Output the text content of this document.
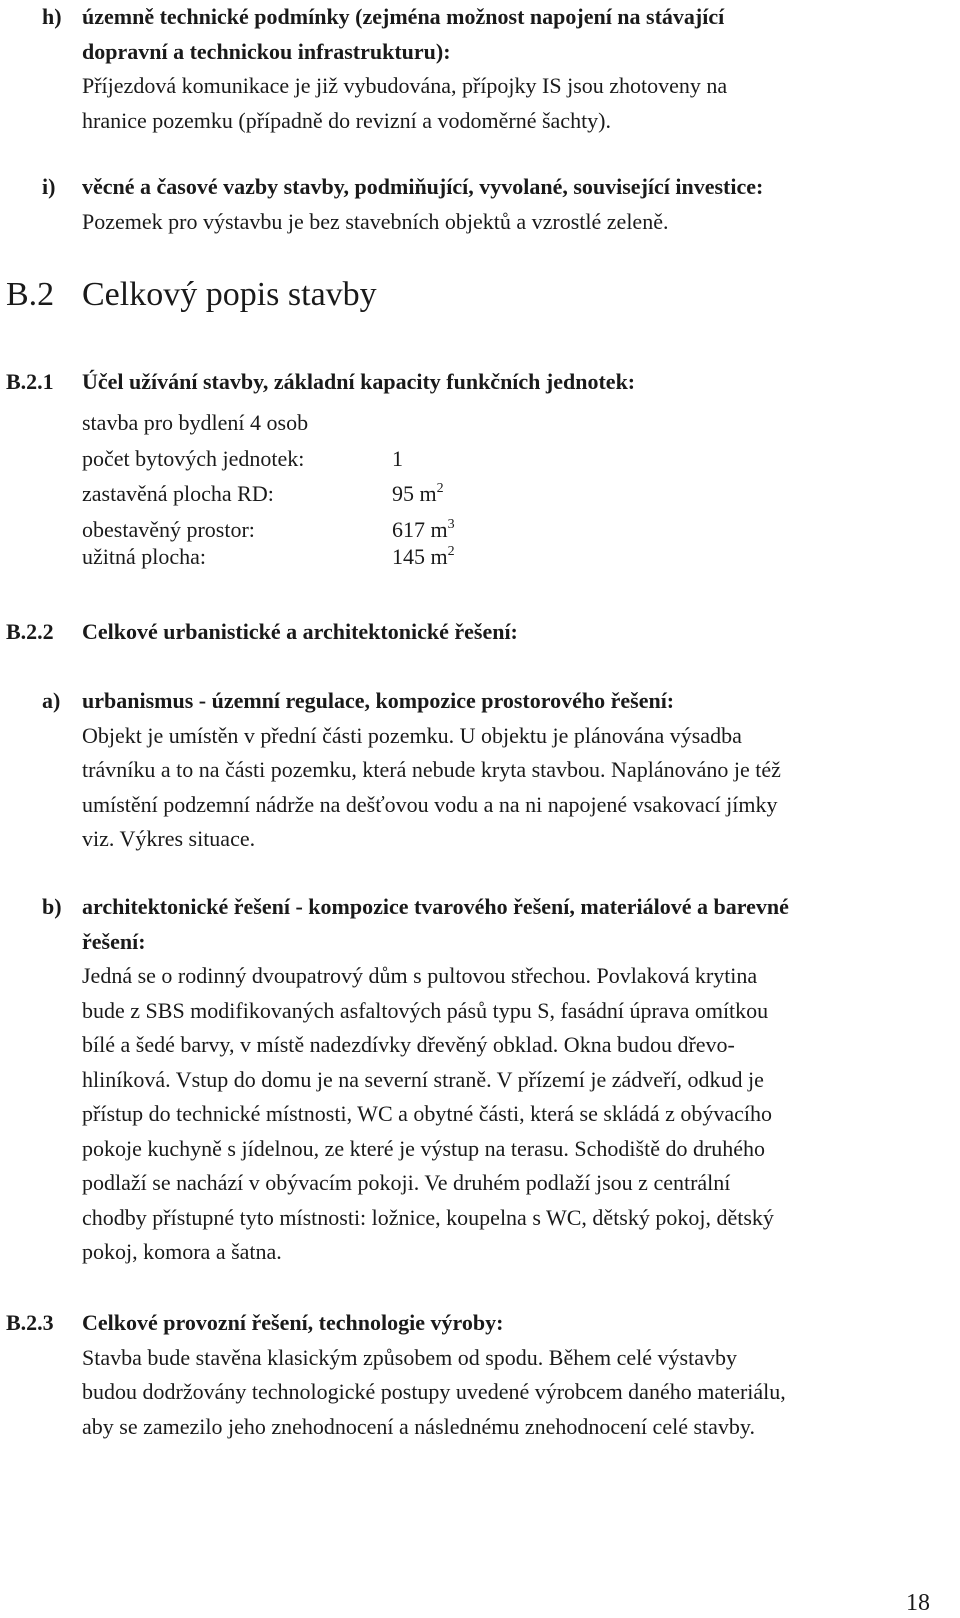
h) územně technické podmínky (zejména možnost napojení na stávající

dopravní a technickou infrastrukturu):

Příjezdová komunikace je již vybudována, přípojky IS jsou zhotoveny na

hranice pozemku (případně do revizní a vodoměrné šachty).

i) věcné a časové vazby stavby, podmiňující, vyvolané, související investice:

Pozemek pro výstavbu je bez stavebních objektů a vzrostlé zeleně.

B.2 Celkový popis stavby
B.2.1 Účel užívání stavby, základní kapacity funkčních jednotek:

stavba pro bydlení 4 osob

počet bytových jednotek:	1

zastavěná plocha RD:	95 $m^2$

obestavěný prostor:	617 $m^3$

užitná plocha:	145 $m^2$

B.2.2 Celkové urbanistické a architektonické řešení:

a) urbanismus - územní regulace, kompozice prostorového řešení:

Objekt je umístěn v přední části pozemku. U objektu je plánována výsadba

trávníku a to na části pozemku, která nebude kryta stavbou. Naplánováno je též

umístění podzemní nádrže na dešťovou vodu a na ni napojené vsakovací jímky

viz. Výkres situace.

b) architektonické řešení - kompozice tvarového řešení, materiálové a barevné

řešení:

Jedná se o rodinný dvoupatrový dům s pultovou střechou. Povlaková krytina

bude z SBS modifikovaných asfaltových pásů typu S, fasádní úprava omítkou

bílé a šedé barvy, v místě nadezdívky dřevěný obklad. Okna budou dřevo-

hliníková. Vstup do domu je na severní straně. V přízemí je zádveří, odkud je

přístup do technické místnosti, WC a obytné části, která se skládá z obývacího

pokoje kuchyně s jídelnou, ze které je výstup na terasu. Schodiště do druhého

podlaží se nachází v obývacím pokoji. Ve druhém podlaží jsou z centrální

chodby přístupné tyto místnosti: ložnice, koupelna s WC, dětský pokoj, dětský

pokoj, komora a šatna.

B.2.3 Celkové provozní řešení, technologie výroby:

Stavba bude stavěna klasickým způsobem od spodu. Během celé výstavby

budou dodržovány technologické postupy uvedené výrobcem daného materiálu,

aby se zamezilo jeho znehodnocení a následnému znehodnocení celé stavby.

18
